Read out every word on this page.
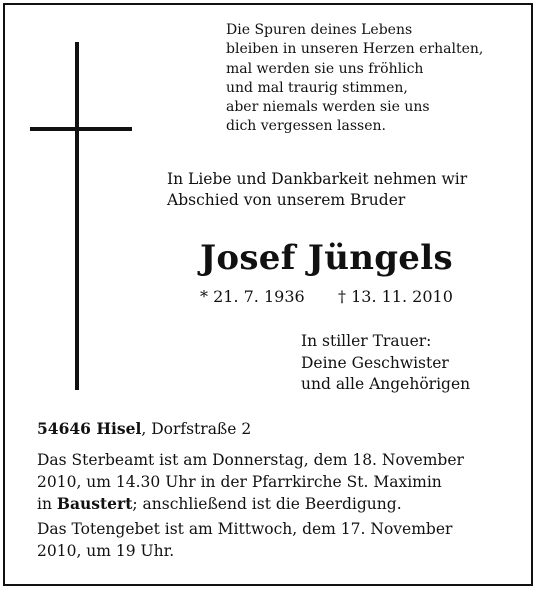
Die Spuren deines Lebens
bleiben in unseren Herzen erhalten,
mal werden sie uns fröhlich
und mal traurig stimmen,
aber niemals werden sie uns
dich vergessen lassen.
In Liebe und Dankbarkeit nehmen wir
Abschied von unserem Bruder
Josef Jüngels
* 21. 7. 1936 † 13. 11. 2010
In stiller Trauer:
Deine Geschwister
und alle Angehörigen
54646 Hisel, Dorfstraße 2
Das Sterbeamt ist am Donnerstag, dem 18. November
2010, um 14.30 Uhr in der Pfarrkirche St. Maximin
in Baustert; anschließend ist die Beerdigung.
Das Totengebet ist am Mittwoch, dem 17. November
2010, um 19 Uhr.
